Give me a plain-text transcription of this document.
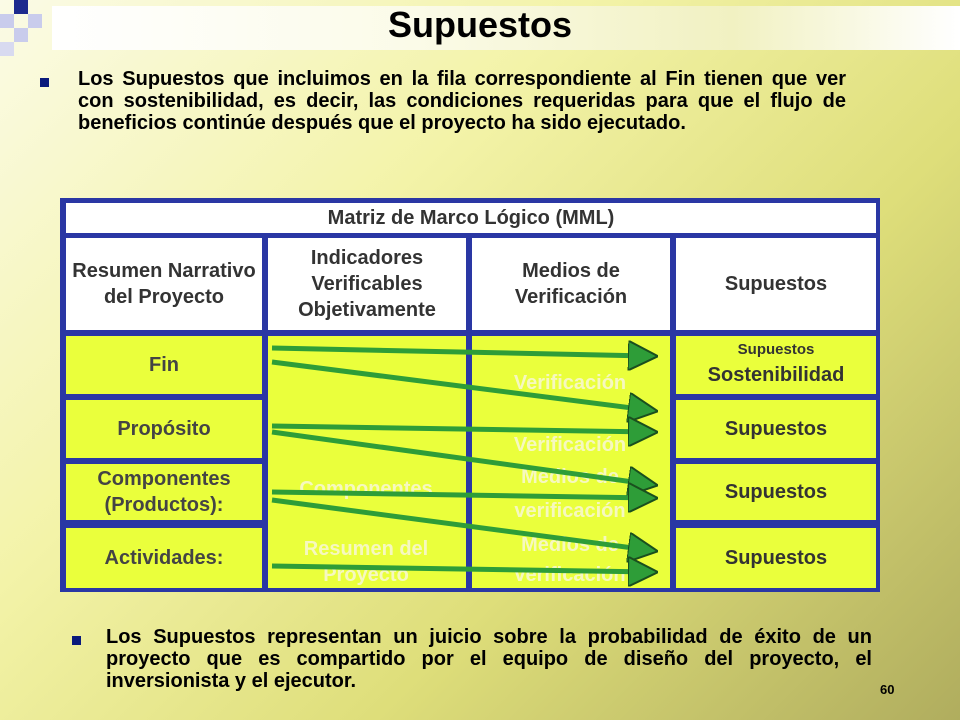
Supuestos
Los Supuestos que incluimos en la fila correspondiente al Fin tienen que ver con sostenibilidad, es decir, las condiciones requeridas para que el flujo de beneficios continúe después que el proyecto ha sido ejecutado.
Matriz de Marco Lógico (MML)
Resumen Narrativo del Proyecto
Indicadores Verificables Objetivamente
Medios de Verificación
Supuestos
Verificación
Verificación
Medios de
verificación
Medios de
verificación
Componentes
Resumen del
Proyecto
Fin
Propósito
Componentes (Productos):
Actividades:
Supuestos
Sostenibilidad
Supuestos
Supuestos
Supuestos
Los Supuestos representan un juicio sobre la probabilidad de éxito de un proyecto que es compartido por el equipo de diseño del proyecto, el inversionista y el ejecutor.	60
